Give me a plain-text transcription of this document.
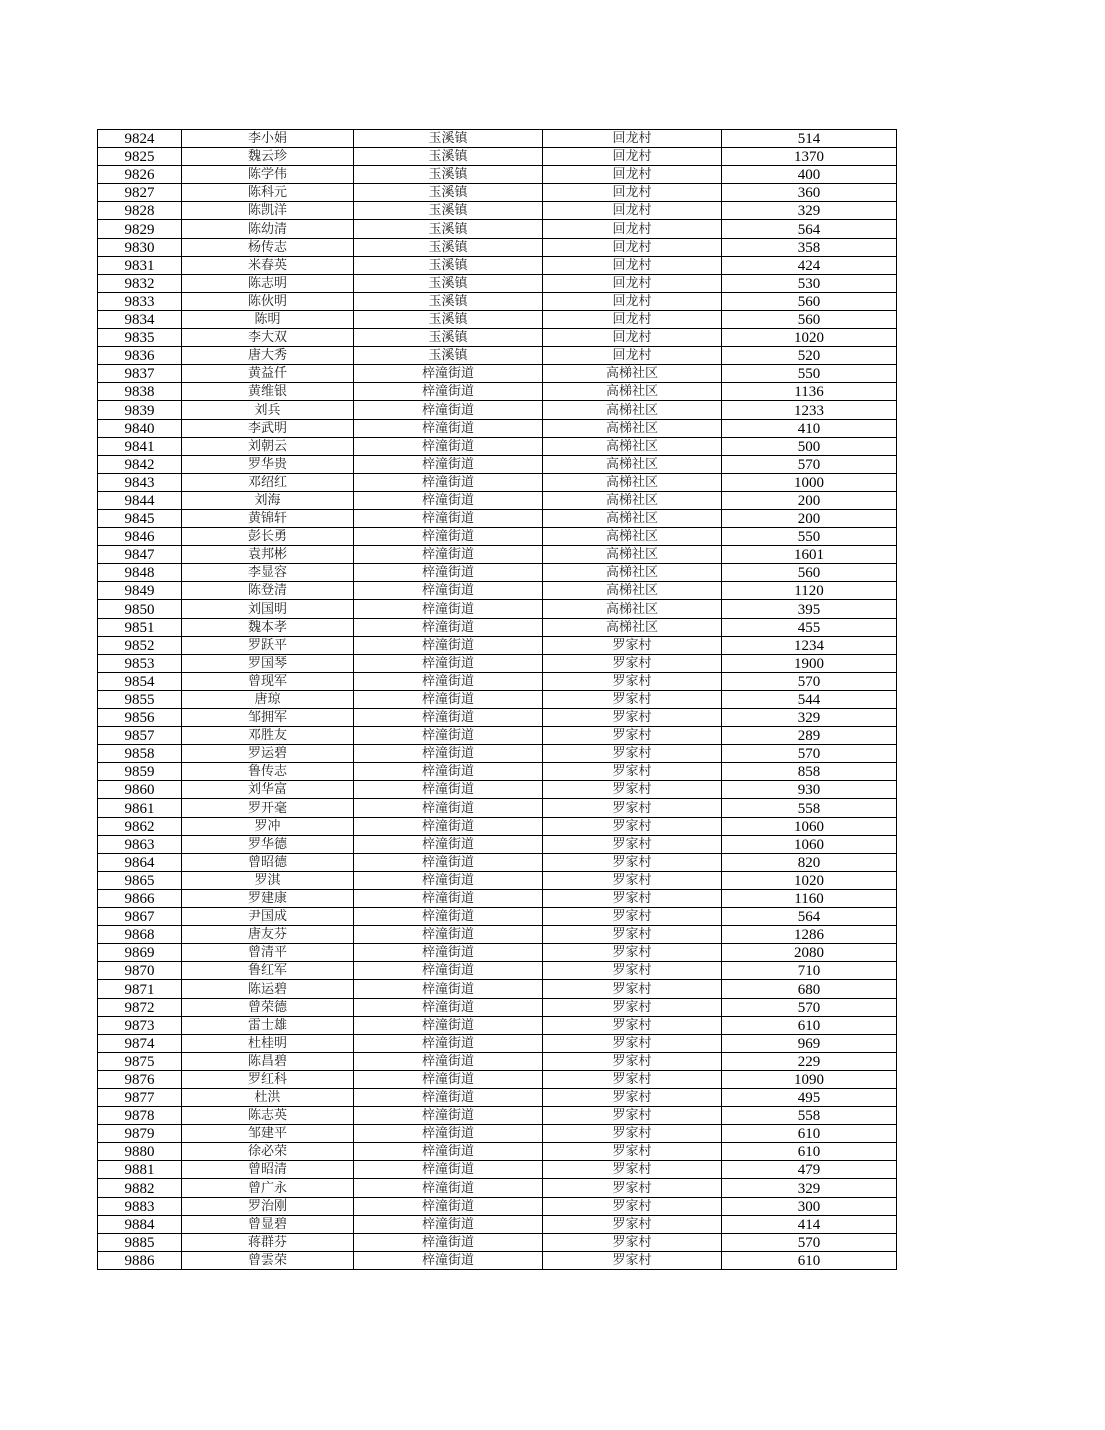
9824	李小娟	玉溪镇	回龙村	514
9825	魏云珍	玉溪镇	回龙村	1370
9826	陈学伟	玉溪镇	回龙村	400
9827	陈科元	玉溪镇	回龙村	360
9828	陈凯洋	玉溪镇	回龙村	329
9829	陈幼清	玉溪镇	回龙村	564
9830	杨传志	玉溪镇	回龙村	358
9831	米春英	玉溪镇	回龙村	424
9832	陈志明	玉溪镇	回龙村	530
9833	陈伙明	玉溪镇	回龙村	560
9834	陈明	玉溪镇	回龙村	560
9835	李大双	玉溪镇	回龙村	1020
9836	唐大秀	玉溪镇	回龙村	520
9837	黄益仟	梓潼街道	高梯社区	550
9838	黄维银	梓潼街道	高梯社区	1136
9839	刘兵	梓潼街道	高梯社区	1233
9840	李武明	梓潼街道	高梯社区	410
9841	刘朝云	梓潼街道	高梯社区	500
9842	罗华贵	梓潼街道	高梯社区	570
9843	邓绍红	梓潼街道	高梯社区	1000
9844	刘海	梓潼街道	高梯社区	200
9845	黄锦轩	梓潼街道	高梯社区	200
9846	彭长勇	梓潼街道	高梯社区	550
9847	袁邦彬	梓潼街道	高梯社区	1601
9848	李显容	梓潼街道	高梯社区	560
9849	陈登清	梓潼街道	高梯社区	1120
9850	刘国明	梓潼街道	高梯社区	395
9851	魏本孝	梓潼街道	高梯社区	455
9852	罗跃平	梓潼街道	罗家村	1234
9853	罗国琴	梓潼街道	罗家村	1900
9854	曾现军	梓潼街道	罗家村	570
9855	唐琼	梓潼街道	罗家村	544
9856	邹拥军	梓潼街道	罗家村	329
9857	邓胜友	梓潼街道	罗家村	289
9858	罗运碧	梓潼街道	罗家村	570
9859	鲁传志	梓潼街道	罗家村	858
9860	刘华富	梓潼街道	罗家村	930
9861	罗开毫	梓潼街道	罗家村	558
9862	罗冲	梓潼街道	罗家村	1060
9863	罗华德	梓潼街道	罗家村	1060
9864	曾昭德	梓潼街道	罗家村	820
9865	罗淇	梓潼街道	罗家村	1020
9866	罗建康	梓潼街道	罗家村	1160
9867	尹国成	梓潼街道	罗家村	564
9868	唐友芬	梓潼街道	罗家村	1286
9869	曾清平	梓潼街道	罗家村	2080
9870	鲁红军	梓潼街道	罗家村	710
9871	陈运碧	梓潼街道	罗家村	680
9872	曾荣德	梓潼街道	罗家村	570
9873	雷士雄	梓潼街道	罗家村	610
9874	杜桂明	梓潼街道	罗家村	969
9875	陈昌碧	梓潼街道	罗家村	229
9876	罗红科	梓潼街道	罗家村	1090
9877	杜洪	梓潼街道	罗家村	495
9878	陈志英	梓潼街道	罗家村	558
9879	邹建平	梓潼街道	罗家村	610
9880	徐必荣	梓潼街道	罗家村	610
9881	曾昭清	梓潼街道	罗家村	479
9882	曾广永	梓潼街道	罗家村	329
9883	罗治刚	梓潼街道	罗家村	300
9884	曾显碧	梓潼街道	罗家村	414
9885	蒋群芬	梓潼街道	罗家村	570
9886	曾雲荣	梓潼街道	罗家村	610
